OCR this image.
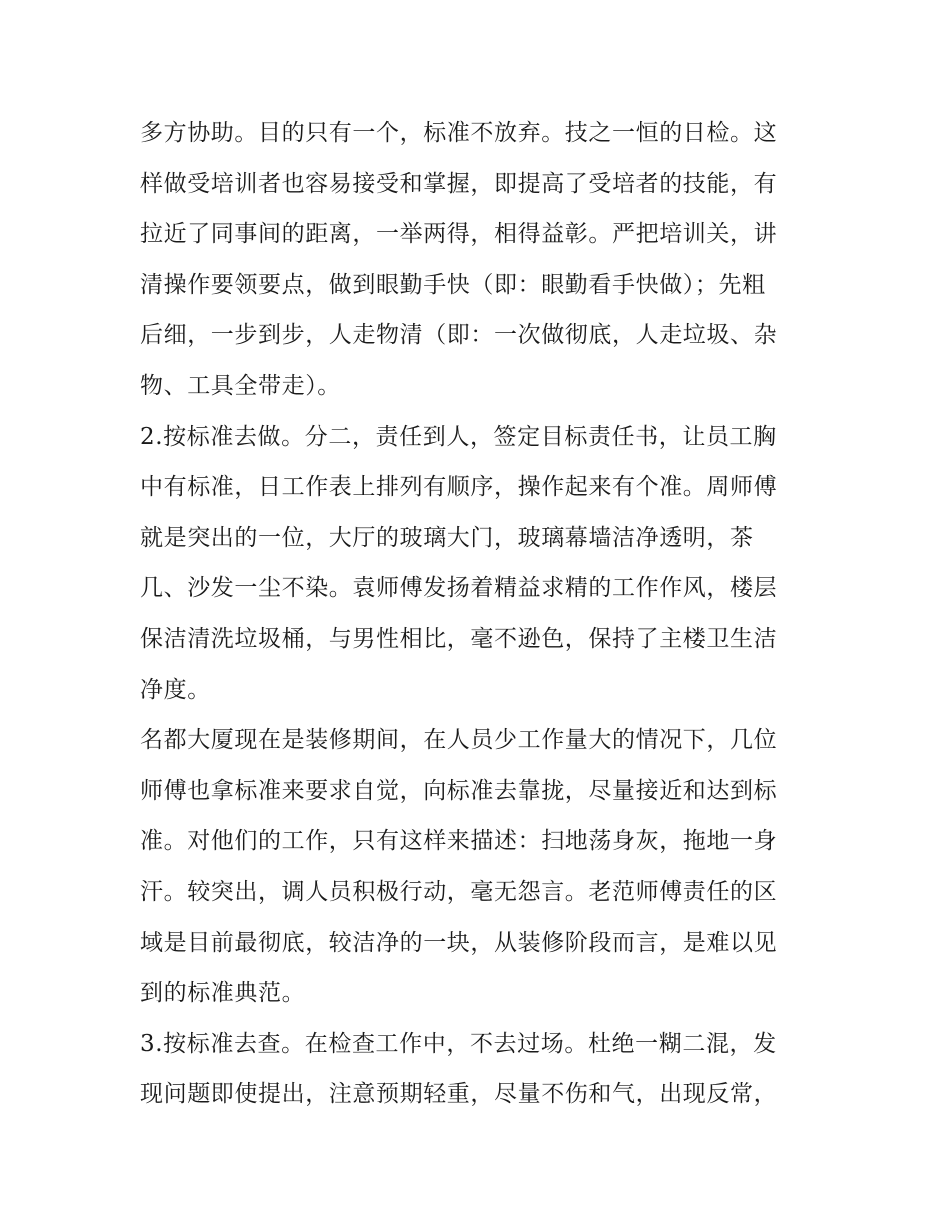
多方协助。目的只有一个，标准不放弃。技之一恒的日检。这
样做受培训者也容易接受和掌握，即提高了受培者的技能，有
拉近了同事间的距离，一举两得，相得益彰。严把培训关，讲
清操作要领要点，做到眼勤手快（即：眼勤看手快做）；先粗
后细，一步到步，人走物清（即：一次做彻底，人走垃圾、杂
物、工具全带走）。
2.按标准去做。分二，责任到人，签定目标责任书，让员工胸
中有标准，日工作表上排列有顺序，操作起来有个准。周师傅
就是突出的一位，大厅的玻璃大门，玻璃幕墙洁净透明，茶
几、沙发一尘不染。袁师傅发扬着精益求精的工作作风，楼层
保洁清洗垃圾桶，与男性相比，毫不逊色，保持了主楼卫生洁
净度。
名都大厦现在是装修期间，在人员少工作量大的情况下，几位
师傅也拿标准来要求自觉，向标准去靠拢，尽量接近和达到标
准。对他们的工作，只有这样来描述：扫地荡身灰，拖地一身
汗。较突出，调人员积极行动，毫无怨言。老范师傅责任的区
域是目前最彻底，较洁净的一块，从装修阶段而言，是难以见
到的标准典范。
3.按标准去查。在检查工作中，不去过场。杜绝一糊二混，发
现问题即使提出，注意预期轻重，尽量不伤和气，出现反常，
